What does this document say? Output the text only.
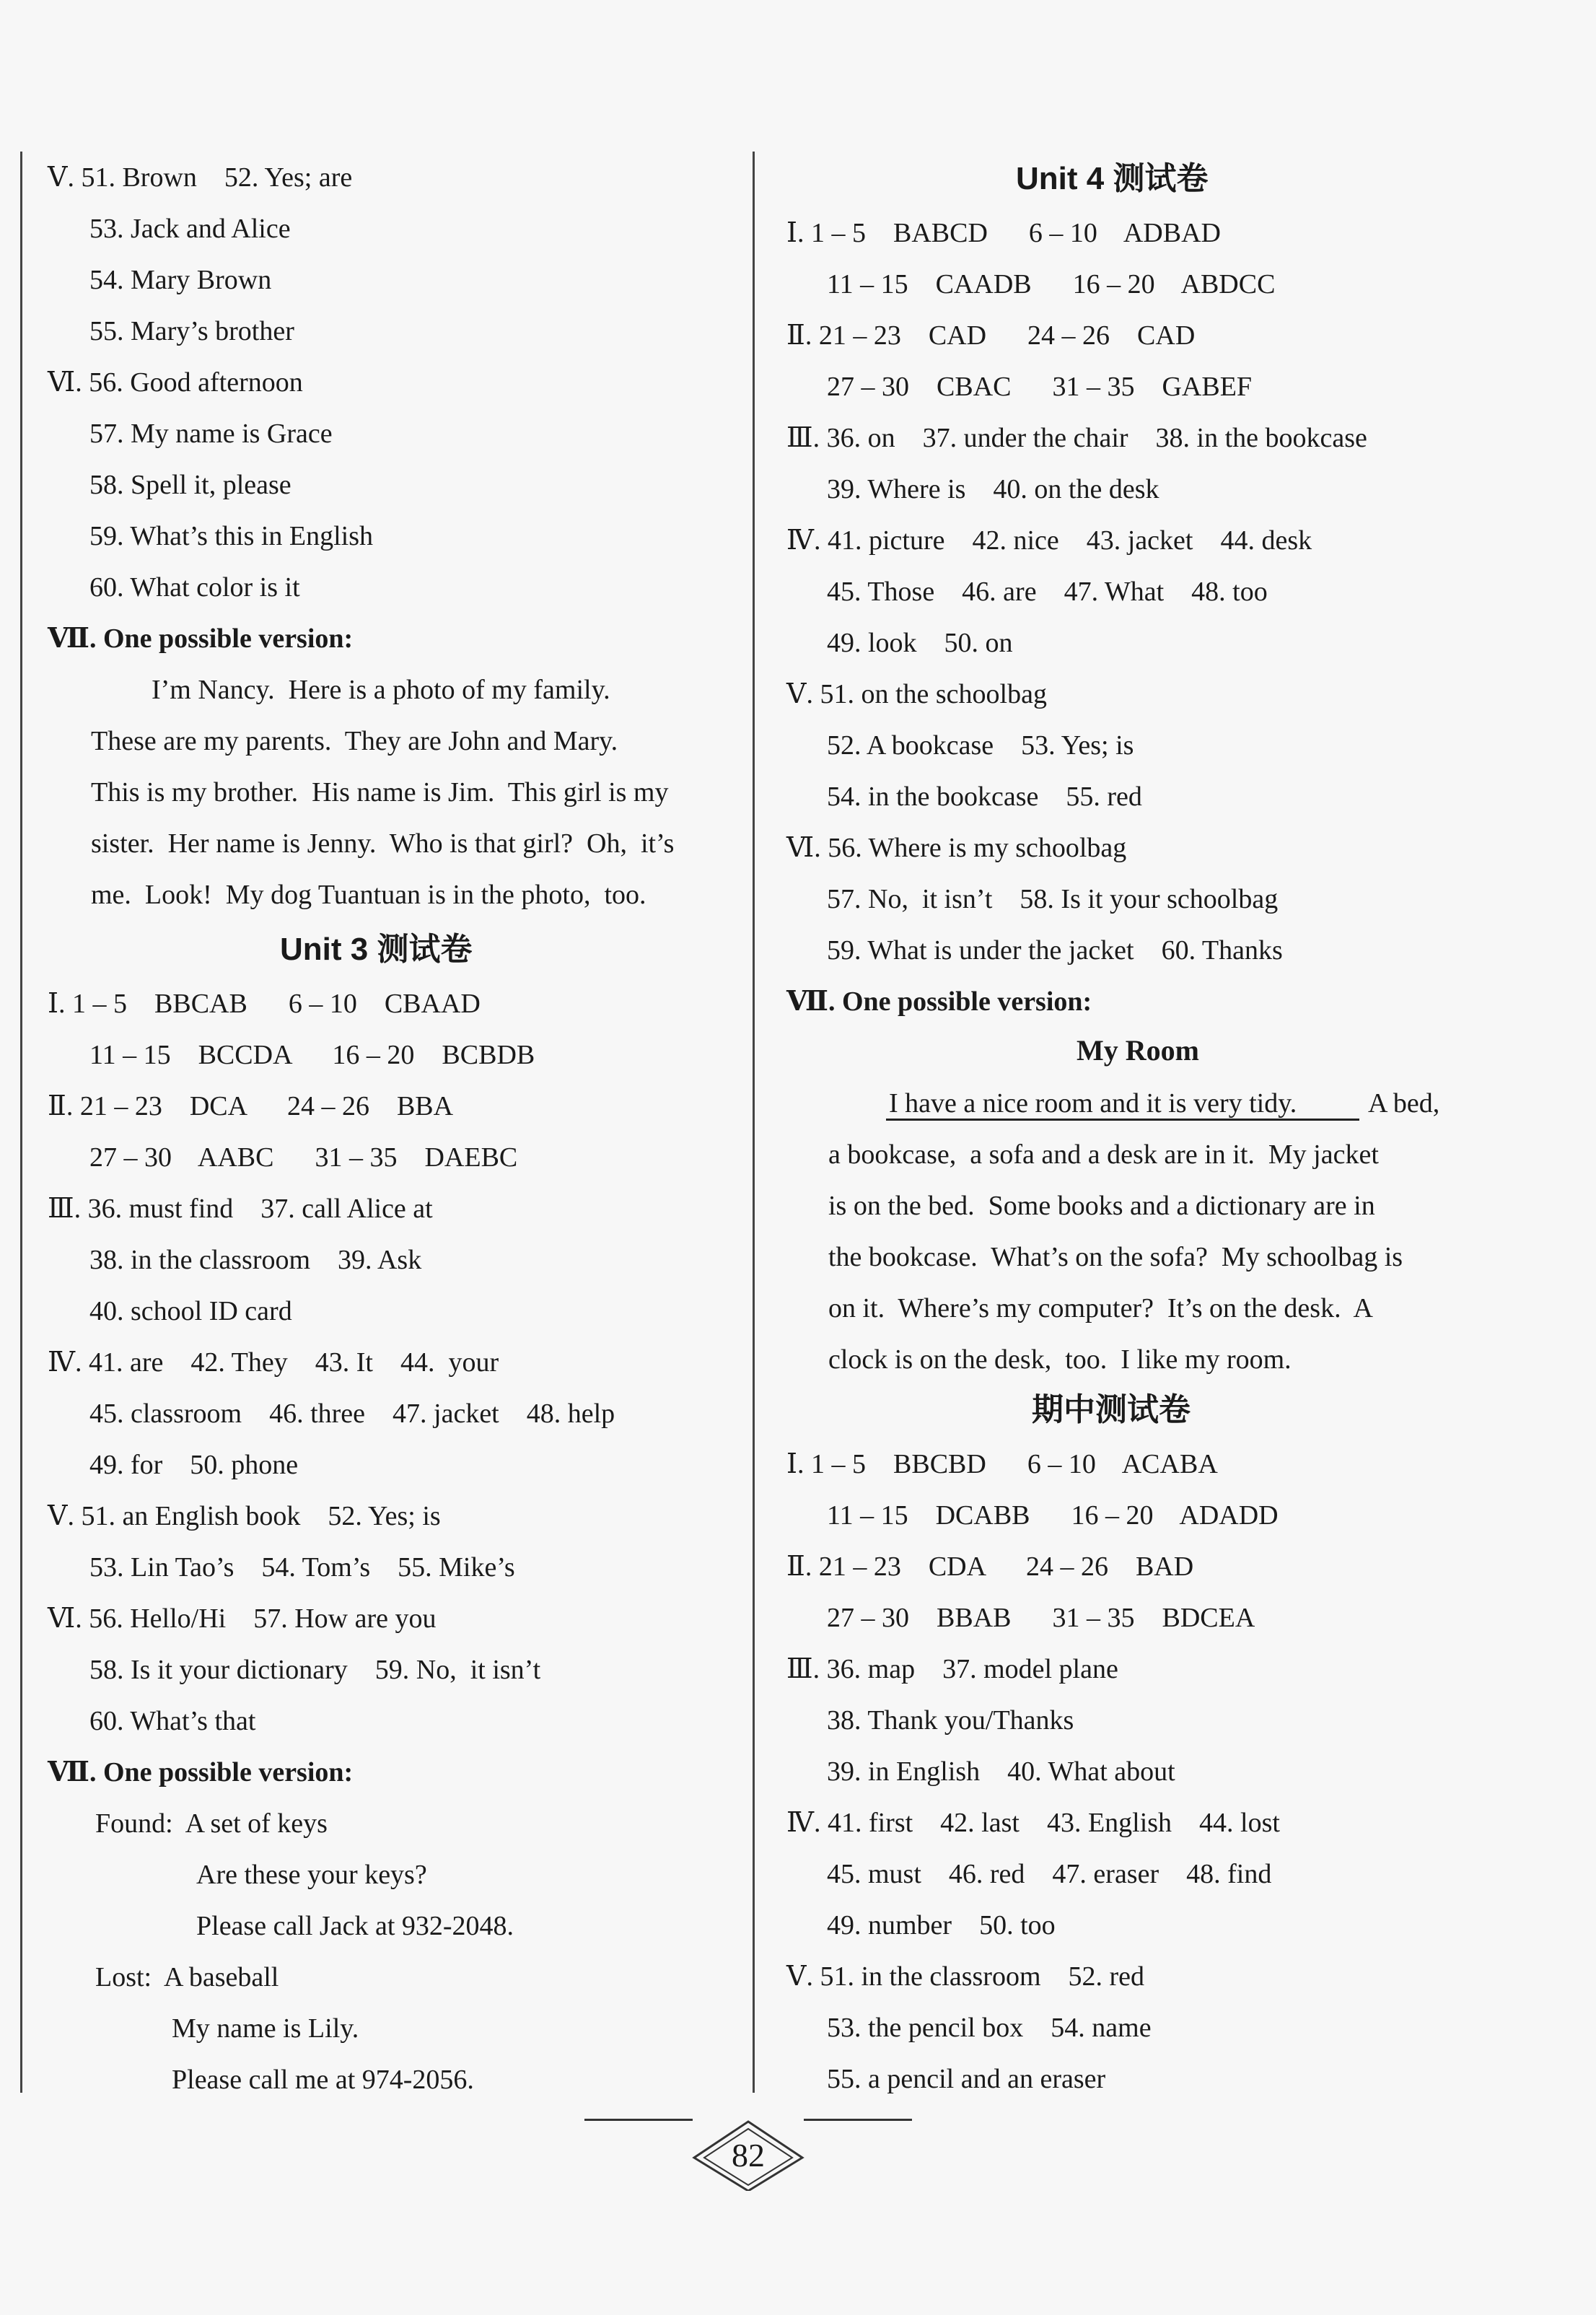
Ⅴ. 51. Brown    52. Yes; are
53. Jack and Alice
54. Mary Brown
55. Mary’s brother
Ⅵ. 56. Good afternoon
57. My name is Grace
58. Spell it, please
59. What’s this in English
60. What color is it
Ⅶ. One possible version:
I’m Nancy.  Here is a photo of my family.
These are my parents.  They are John and Mary.
This is my brother.  His name is Jim.  This girl is my
sister.  Her name is Jenny.  Who is that girl?  Oh,  it’s
me.  Look!  My dog Tuantuan is in the photo,  too.
Unit 3 测试卷
Ⅰ. 1 – 5    BBCAB      6 – 10    CBAAD
11 – 15    BCCDA      16 – 20    BCBDB
Ⅱ. 21 – 23    DCA      24 – 26    BBA
27 – 30    AABC      31 – 35    DAEBC
Ⅲ. 36. must find    37. call Alice at
38. in the classroom    39. Ask
40. school ID card
Ⅳ. 41. are    42. They    43. It    44.  your
45. classroom    46. three    47. jacket    48. help
49. for    50. phone
Ⅴ. 51. an English book    52. Yes; is
53. Lin Tao’s    54. Tom’s    55. Mike’s
Ⅵ. 56. Hello/Hi    57. How are you
58. Is it your dictionary    59. No,  it isn’t
60. What’s that
Ⅶ. One possible version:
Found:  A set of keys
Are these your keys?
Please call Jack at 932-2048.
Lost:  A baseball
My name is Lily.
Please call me at 974-2056.
Unit 4 测试卷
Ⅰ. 1 – 5    BABCD      6 – 10    ADBAD
11 – 15    CAADB      16 – 20    ABDCC
Ⅱ. 21 – 23    CAD      24 – 26    CAD
27 – 30    CBAC      31 – 35    GABEF
Ⅲ. 36. on    37. under the chair    38. in the bookcase
39. Where is    40. on the desk
Ⅳ. 41. picture    42. nice    43. jacket    44. desk
45. Those    46. are    47. What    48. too
49. look    50. on
Ⅴ. 51. on the schoolbag
52. A bookcase    53. Yes; is
54. in the bookcase    55. red
Ⅵ. 56. Where is my schoolbag
57. No,  it isn’t    58. Is it your schoolbag
59. What is under the jacket    60. Thanks
Ⅶ. One possible version:
My Room
I have a nice room and it is very tidy.	A bed,
a bookcase,  a sofa and a desk are in it.  My jacket
is on the bed.  Some books and a dictionary are in
the bookcase.  What’s on the sofa?  My schoolbag is
on it.  Where’s my computer?  It’s on the desk.  A
clock is on the desk,  too.  I like my room.
期中测试卷
Ⅰ. 1 – 5    BBCBD      6 – 10    ACABA
11 – 15    DCABB      16 – 20    ADADD
Ⅱ. 21 – 23    CDA      24 – 26    BAD
27 – 30    BBAB      31 – 35    BDCEA
Ⅲ. 36. map    37. model plane
38. Thank you/Thanks
39. in English    40. What about
Ⅳ. 41. first    42. last    43. English    44. lost
45. must    46. red    47. eraser    48. find
49. number    50. too
Ⅴ. 51. in the classroom    52. red
53. the pencil box    54. name
55. a pencil and an eraser
82
